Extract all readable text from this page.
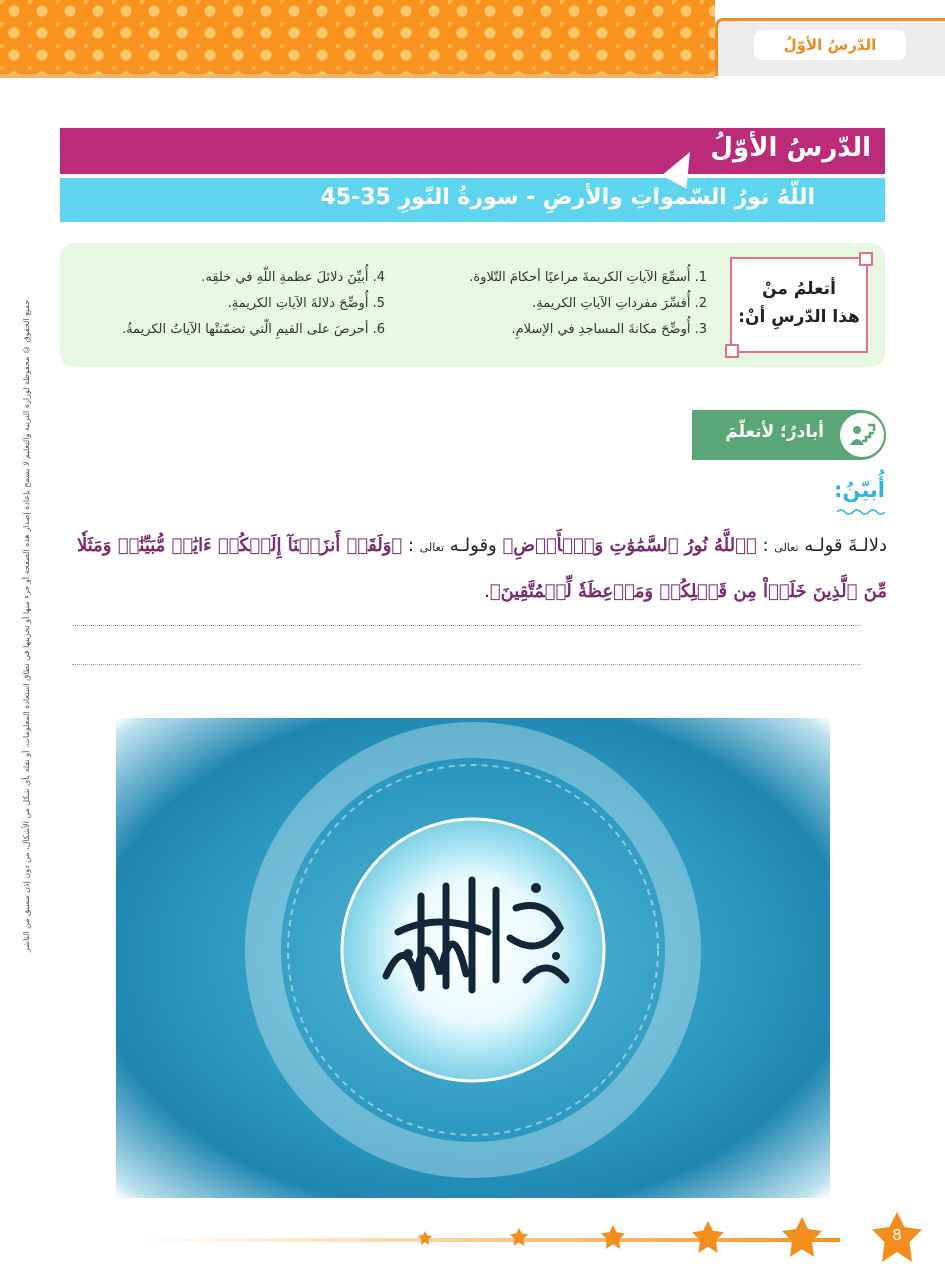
الدّرسُ الأوّلُ
جميع الحقوق © محفوظة لوزارة التربية والتعليم لا يسمح بإعادة إصدار هذه الصفحة أو جزء منها أو تخزينها في نطاق استعادة المعلومات، أو نقله بأي شكل من الأشكال، من دون إذن مسبق من الناشر
الدّرسُ الأوّلُ
اللّهُ نورُ السّمواتِ والأرضِ - سورةُ النّورِ 35-45
أتعلمُ منْ
هذا الدّرسِ أنْ:
1. أُسمِّعَ الآياتِ الكريمةَ مراعيًا أحكامَ التّلاوة.
2. أُفسِّرَ مفرداتِ الآياتِ الكريمةِ.
3. أُوضِّحَ مكانةَ المساجدِ في الإسلامِ.
4. أُبيِّنَ دلائلَ عظمةِ اللّهِ في خلقِه.
5. أُوضِّحَ دلالةَ الآياتِ الكريمةِ.
6. أحرصَ على القيمِ الّتي تضمّنتْها الآياتُ الكريمةُ.
أبادرُ؛ لأتعلّمَ
أُبيّنُ:
دلالـةَ قولـه تعالى : ﴿ٱللَّهُ نُورُ ٱلسَّمَٰوَٰتِ وَٱلۡأَرۡضِ﴾ وقولـه تعالى : ﴿وَلَقَدۡ أَنزَلۡنَآ إِلَيۡكُمۡ ءَايَٰتٖ مُّبَيِّنَٰتٖ وَمَثَلٗا مِّنَ ٱلَّذِينَ خَلَوۡاْ مِن قَبۡلِكُمۡ وَمَوۡعِظَةٗ لِّلۡمُتَّقِينَ﴾.
8
